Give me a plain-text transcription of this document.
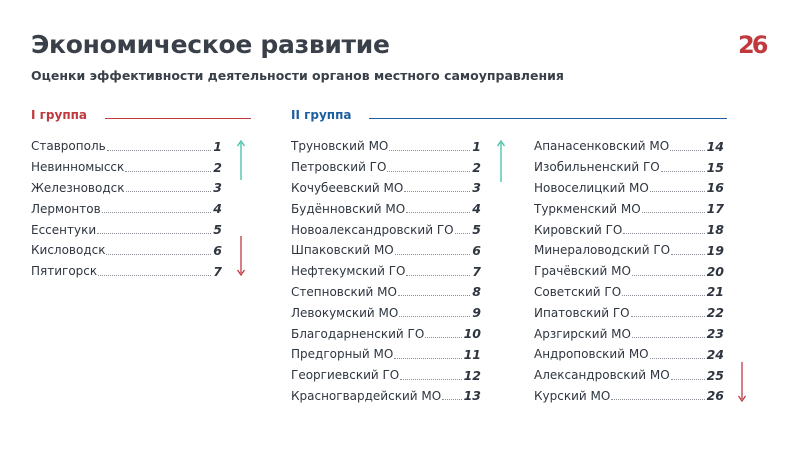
Экономическое развитие
Оценки эффективности деятельности органов местного самоуправления
26
I группа	II группа
Ставрополь	1
Невинномысск	2
Железноводск	3
Лермонтов	4
Ессентуки	5
Кисловодск	6
Пятигорск	7
Труновский МО	1
Петровский ГО	2
Кочубеевский МО	3
Будённовский МО	4
Новоалександровский ГО 5
Шпаковский МО	6
Нефтекумский ГО	7
Степновский МО	8
Левокумский МО	9
Благодарненский ГО	10
Предгорный МО	11
Георгиевский ГО	12
Красногвардейский МО 13
Апанасенковский МО	14
Изобильненский ГО	15
Новоселицкий МО	16
Туркменский МО	17
Кировский ГО	18
Минераловодский ГО	19
Грачёвский МО	20
Советский ГО	21
Ипатовский ГО	22
Арзгирский МО	23
Андроповский МО	24
Александровский МО	25
Курский МО	26
